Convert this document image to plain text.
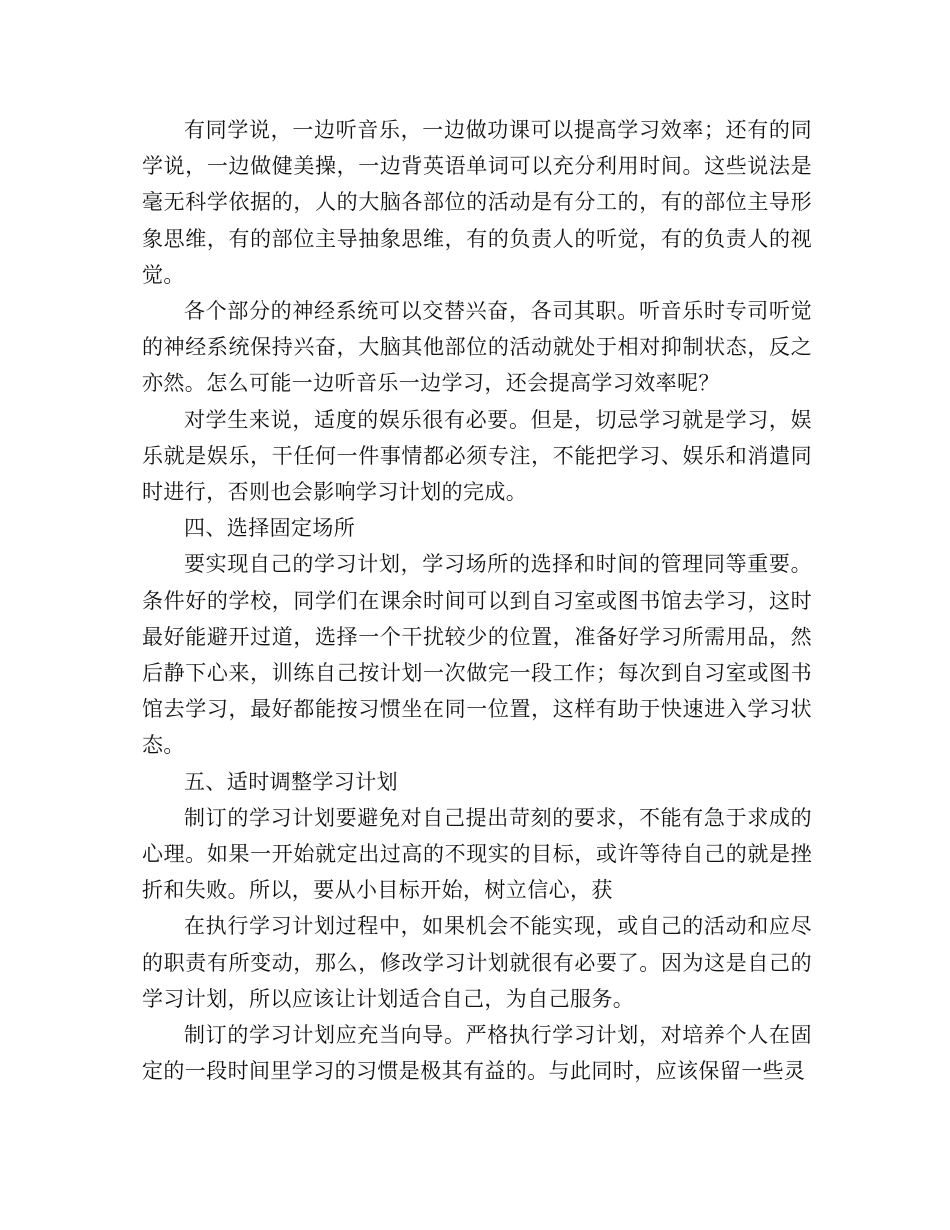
有同学说，一边听音乐，一边做功课可以提高学习效率；还有的同学说，一边做健美操，一边背英语单词可以充分利用时间。这些说法是毫无科学依据的，人的大脑各部位的活动是有分工的，有的部位主导形象思维，有的部位主导抽象思维，有的负责人的听觉，有的负责人的视觉。

各个部分的神经系统可以交替兴奋，各司其职。听音乐时专司听觉的神经系统保持兴奋，大脑其他部位的活动就处于相对抑制状态，反之亦然。怎么可能一边听音乐一边学习，还会提高学习效率呢？

对学生来说，适度的娱乐很有必要。但是，切忌学习就是学习，娱乐就是娱乐，干任何一件事情都必须专注，不能把学习、娱乐和消遣同时进行，否则也会影响学习计划的完成。

四、选择固定场所

要实现自己的学习计划，学习场所的选择和时间的管理同等重要。条件好的学校，同学们在课余时间可以到自习室或图书馆去学习，这时最好能避开过道，选择一个干扰较少的位置，准备好学习所需用品，然后静下心来，训练自己按计划一次做完一段工作；每次到自习室或图书馆去学习，最好都能按习惯坐在同一位置，这样有助于快速进入学习状态。

五、适时调整学习计划

制订的学习计划要避免对自己提出苛刻的要求，不能有急于求成的心理。如果一开始就定出过高的不现实的目标，或许等待自己的就是挫折和失败。所以，要从小目标开始，树立信心，获

在执行学习计划过程中，如果机会不能实现，或自己的活动和应尽的职责有所变动，那么，修改学习计划就很有必要了。因为这是自己的学习计划，所以应该让计划适合自己，为自己服务。

制订的学习计划应充当向导。严格执行学习计划，对培养个人在固定的一段时间里学习的习惯是极其有益的。与此同时，应该保留一些灵
